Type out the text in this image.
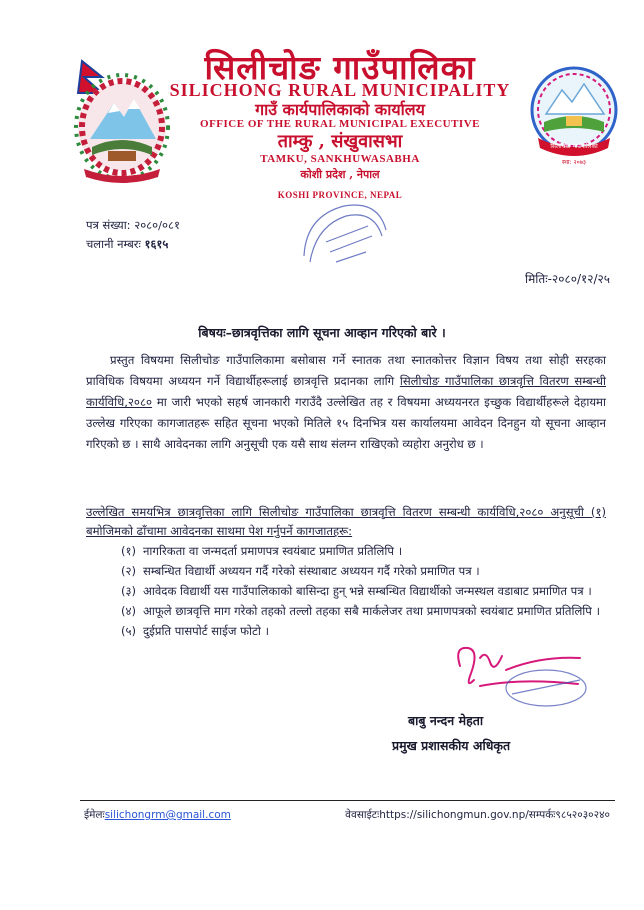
सिलीचोङ गाउँपालिका
स्था: २०७३
सिलीचोङ गाउँपालिका
SILICHONG RURAL MUNICIPALITY
गाउँ कार्यपालिकाको कार्यालय
OFFICE OF THE RURAL MUNICIPAL EXECUTIVE
ताम्कु , संखुवासभा
TAMKU, SANKHUWASABHA
कोशी प्रदेश , नेपाल
KOSHI PROVINCE, NEPAL
पत्र संख्या: २०८०/०८१
चलानी नम्बरः १६१५
मितिः-२०८०/१२/२५
बिषयः–छात्रवृत्तिका लागि सूचना आव्हान गरिएको बारे ।
प्रस्तुत विषयमा सिलीचोङ गाउँपालिकामा बसोबास गर्ने स्नातक तथा स्नातकोत्तर विज्ञान विषय तथा सोही सरहका प्राविधिक विषयमा अध्ययन गर्ने विद्यार्थीहरूलाई छात्रवृत्ति प्रदानका लागि सिलीचोङ गाउँपालिका छात्रवृत्ति वितरण सम्बन्धी कार्यविधि,२०८० मा जारी भएको सहर्ष जानकारी गराउँदै उल्लेखित तह र विषयमा अध्ययनरत इच्छुक विद्यार्थीहरूले देहायमा उल्लेख गरिएका कागजातहरू सहित सूचना भएको मितिले १५ दिनभित्र यस कार्यालयमा आवेदन दिनहुन यो सूचना आव्हान गरिएको छ । साथै आवेदनका लागि अनुसूची एक यसै साथ संलग्न राखिएको व्यहोरा अनुरोध छ ।
उल्लेखित समयभित्र छात्रवृत्तिका लागि सिलीचोङ गाउँपालिका छात्रवृत्ति वितरण सम्बन्धी कार्यविधि,२०८० अनुसूची (१) बमोजिमको ढाँचामा आवेदनका साथमा पेश गर्नुपर्ने कागजातहरू:
(१) नागरिकता वा जन्मदर्ता प्रमाणपत्र स्वयंबाट प्रमाणित प्रतिलिपि ।
(२) सम्बन्धित विद्यार्थी अध्ययन गर्दै गरेको संस्थाबाट अध्ययन गर्दै गरेको प्रमाणित पत्र ।
(३) आवेदक विद्यार्थी यस गाउँपालिकाको बासिन्दा हुन् भन्ने सम्बन्धित विद्यार्थीको जन्मस्थल वडाबाट प्रमाणित पत्र ।
(४) आफूले छात्रवृत्ति माग गरेको तहको तल्लो तहका सबै मार्कलेजर तथा प्रमाणपत्रको स्वयंबाट प्रमाणित प्रतिलिपि ।
(५) दुईप्रति पासपोर्ट साईज फोटो ।
बाबु नन्दन मेहता
प्रमुख प्रशासकीय अधिकृत
ईमेलःsilichongrm@gmail.com	वेवसाईटःhttps://silichongmun.gov.np/सम्पर्कः९८५२०३०२४०
